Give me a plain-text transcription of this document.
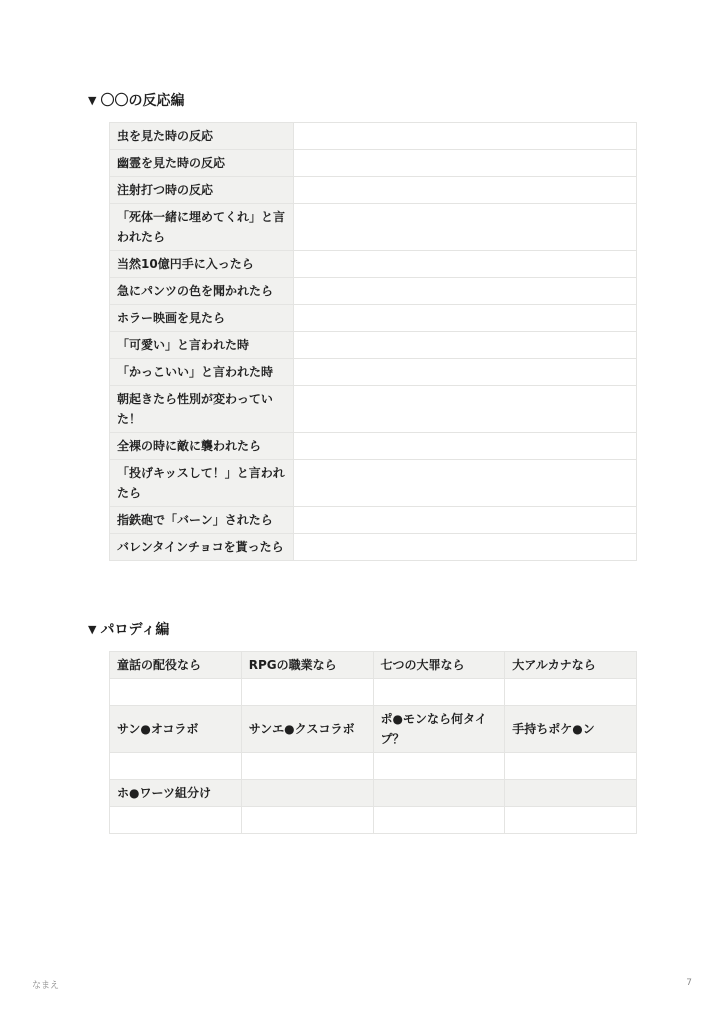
▼ 〇〇の反応編
虫を見た時の反応	
幽霊を見た時の反応	
注射打つ時の反応	
「死体一緒に埋めてくれ」と言われたら	
当然10億円手に入ったら	
急にパンツの色を聞かれたら	
ホラー映画を見たら	
「可愛い」と言われた時	
「かっこいい」と言われた時	
朝起きたら性別が変わっていた！	
全裸の時に敵に襲われたら	
「投げキッスして！」と言われたら	
指鉄砲で「バーン」されたら	
バレンタインチョコを貰ったら	
▼ パロディ編
童話の配役なら	RPGの職業なら	七つの大罪なら	大アルカナなら

サン●オコラボ	サンエ●クスコラボ	ポ●モンなら何タイプ？	手持ちポケ●ン

ホ●ワーツ組分け			

なまえ	7
